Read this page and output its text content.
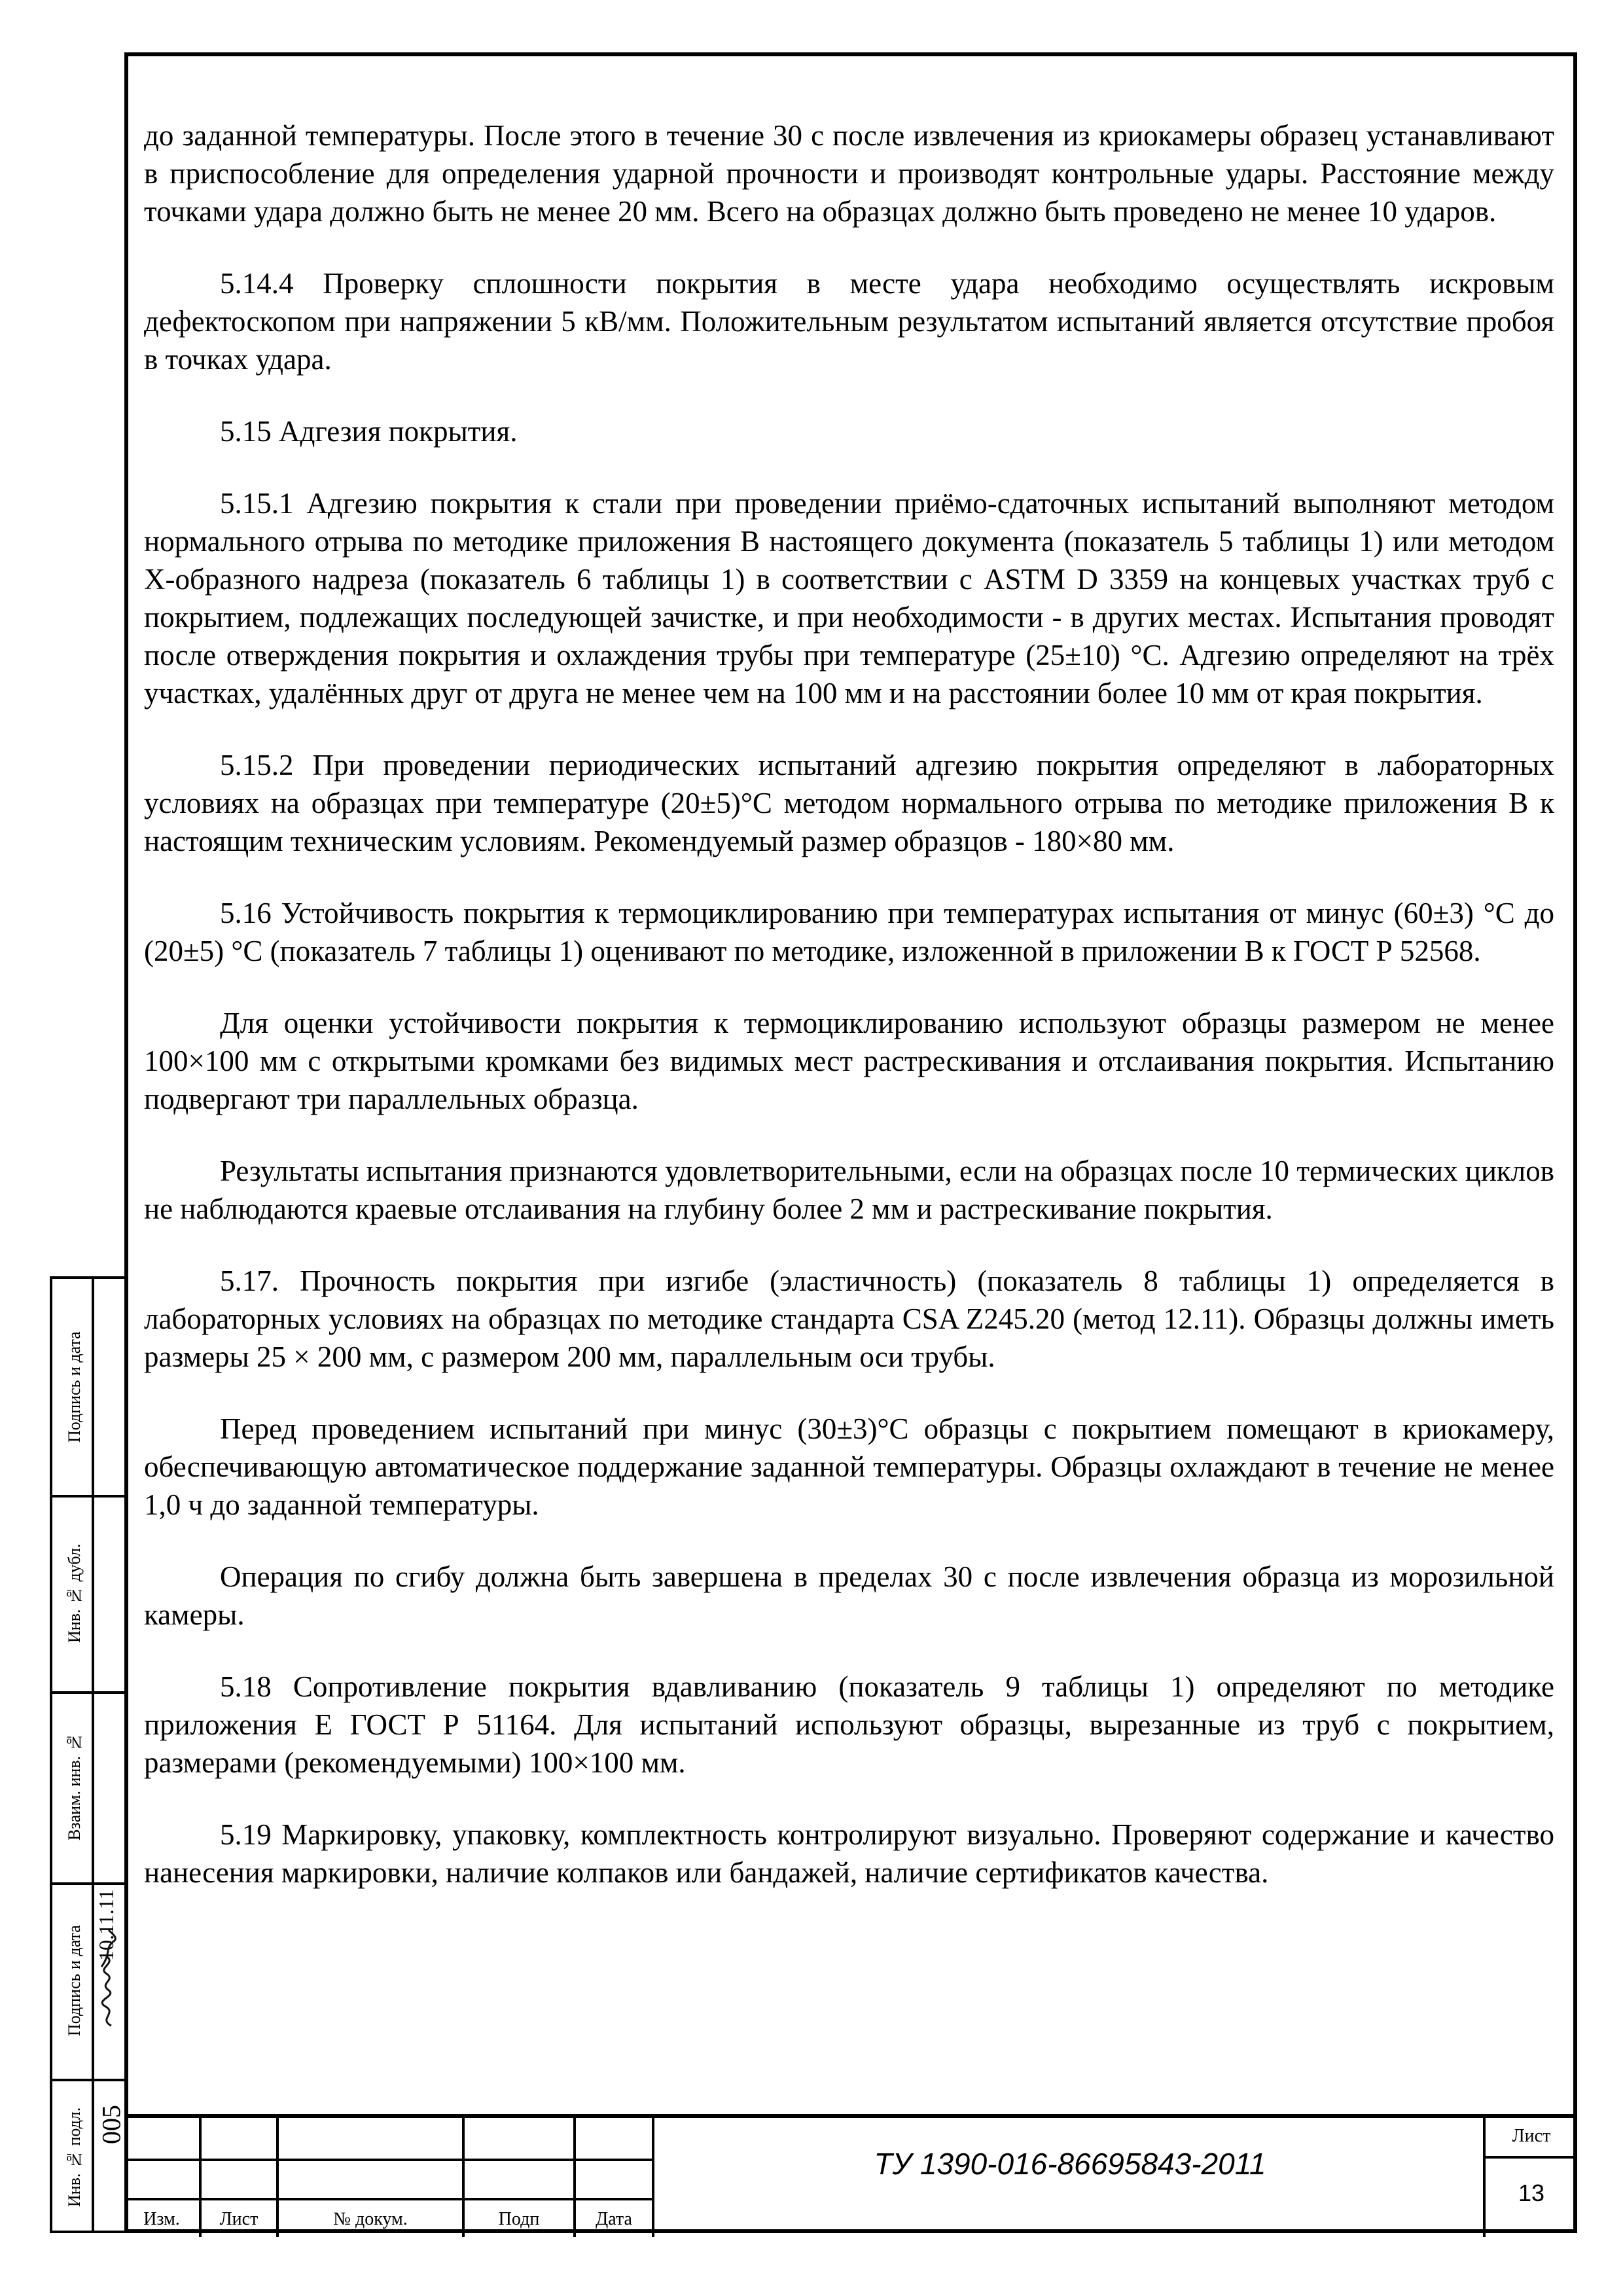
до заданной температуры. После этого в течение 30 с после извлечения из криокамеры образец устанавливают в приспособление для определения ударной прочности и производят контрольные удары. Расстояние между точками удара должно быть не менее 20 мм. Всего на образцах должно быть проведено не менее 10 ударов.

5.14.4 Проверку сплошности покрытия в месте удара необходимо осуществлять искровым дефектоскопом при напряжении 5 кВ/мм. Положительным результатом испытаний является отсутствие пробоя в точках удара.

5.15 Адгезия покрытия.

5.15.1 Адгезию покрытия к стали при проведении приёмо-сдаточных испытаний выполняют методом нормального отрыва по методике приложения В настоящего документа (показатель 5 таблицы 1) или методом Х-образного надреза (показатель 6 таблицы 1) в соответствии с ASTM D 3359 на концевых участках труб с покрытием, подлежащих последующей зачистке, и при необходимости - в других местах. Испытания проводят после отверждения покрытия и охлаждения трубы при температуре (25±10) °С. Адгезию определяют на трёх участках, удалённых друг от друга не менее чем на 100 мм и на расстоянии более 10 мм от края покрытия.

5.15.2 При проведении периодических испытаний адгезию покрытия определяют в лабораторных условиях на образцах при температуре (20±5)°С методом нормального отрыва по методике приложения В к настоящим техническим условиям. Рекомендуемый размер образцов - 180×80 мм.

5.16 Устойчивость покрытия к термоциклированию при температурах испытания от минус (60±3) °С до (20±5) °С (показатель 7 таблицы 1) оценивают по методике, изложенной в приложении В к ГОСТ Р 52568.

Для оценки устойчивости покрытия к термоциклированию используют образцы размером не менее 100×100 мм с открытыми кромками без видимых мест растрескивания и отслаивания покрытия. Испытанию подвергают три параллельных образца.

Результаты испытания признаются удовлетворительными, если на образцах после 10 термических циклов не наблюдаются краевые отслаивания на глубину более 2 мм и растрескивание покрытия.

5.17. Прочность покрытия при изгибе (эластичность) (показатель 8 таблицы 1) определяется в лабораторных условиях на образцах по методике стандарта CSA Z245.20 (метод 12.11). Образцы должны иметь размеры 25 × 200 мм, с размером 200 мм, параллельным оси трубы.

Перед проведением испытаний при минус (30±3)°С образцы с покрытием помещают в криокамеру, обеспечивающую автоматическое поддержание заданной температуры. Образцы охлаждают в течение не менее 1,0 ч до заданной температуры.

Операция по сгибу должна быть завершена в пределах 30 с после извлечения образца из морозильной камеры.

5.18 Сопротивление покрытия вдавливанию (показатель 9 таблицы 1) определяют по методике приложения Е ГОСТ Р 51164. Для испытаний используют образцы, вырезанные из труб с покрытием, размерами (рекомендуемыми) 100×100 мм.

5.19 Маркировку, упаковку, комплектность контролируют визуально. Проверяют содержание и качество нанесения маркировки, наличие колпаков или бандажей, наличие сертификатов качества.

Подпись и дата
Инв. № дубл.
Взаим. инв. №
Подпись и дата
Инв. № подл.
10.11.11
005
Изм.	Лист	№ докум.	Подп	Дата
ТУ 1390-016-86695843-2011
Лист
13
